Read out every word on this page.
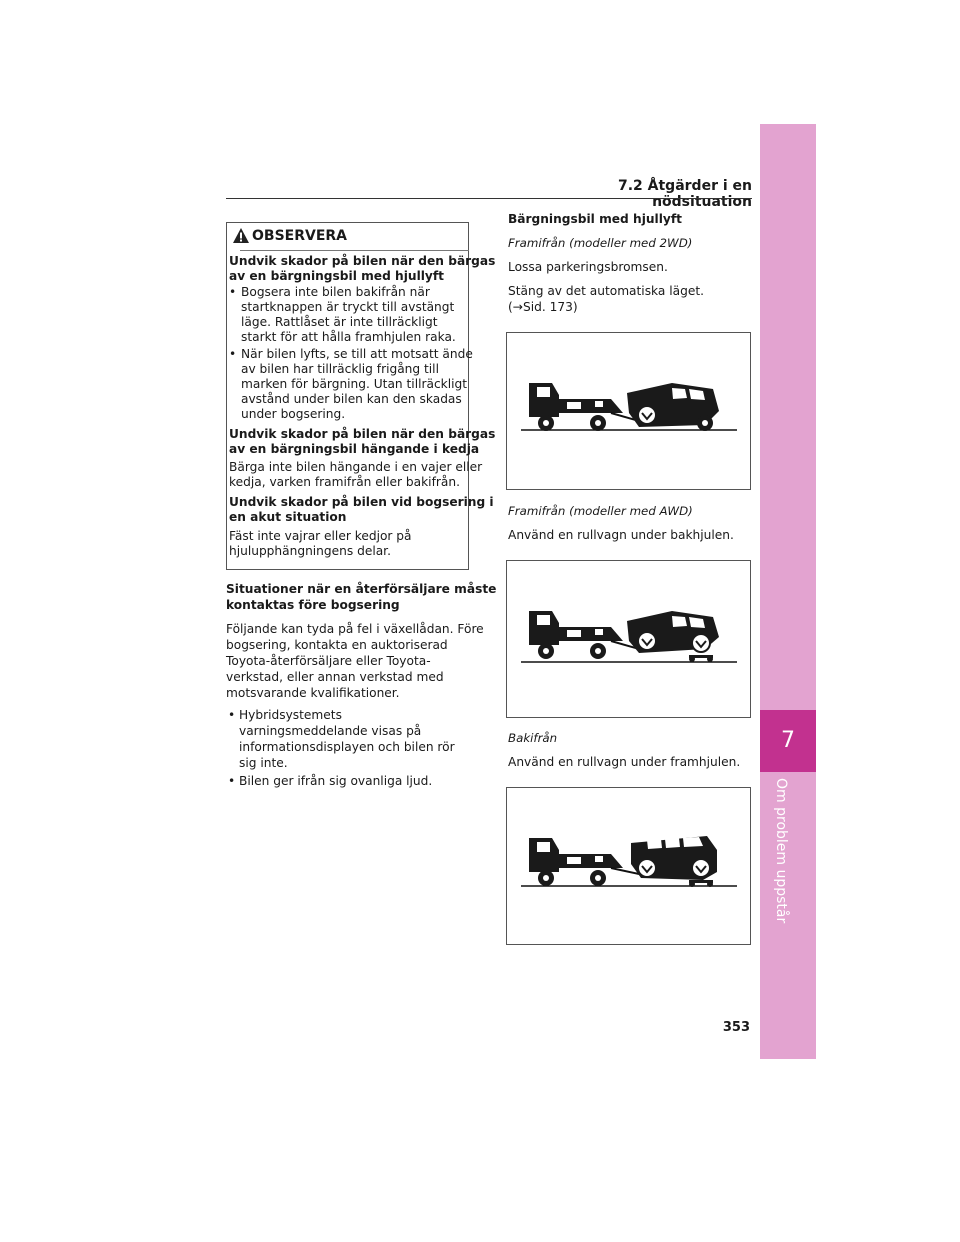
7.2 Åtgärder i en nödsituation
7
Om problem uppstår
353
OBSERVERA
Undvik skador på bilen när den bärgas
av en bärgningsbil med hjullyft
• Bogsera inte bilen bakifrån när
startknappen är tryckt till avstängt
läge. Rattlåset är inte tillräckligt
starkt för att hålla framhjulen raka.
• När bilen lyfts, se till att motsatt ände
av bilen har tillräcklig frigång till
marken för bärgning. Utan tillräckligt
avstånd under bilen kan den skadas
under bogsering.
Undvik skador på bilen när den bärgas
av en bärgningsbil hängande i kedja
Bärga inte bilen hängande i en vajer eller
kedja, varken framifrån eller bakifrån.
Undvik skador på bilen vid bogsering i
en akut situation
Fäst inte vajrar eller kedjor på
hjulupphängningens delar.
Situationer när en återförsäljare måste
kontaktas före bogsering
Följande kan tyda på fel i växellådan. Före
bogsering, kontakta en auktoriserad
Toyota-återförsäljare eller Toyota-
verkstad, eller annan verkstad med
motsvarande kvalifikationer.
• Hybridsystemets
varningsmeddelande visas på
informationsdisplayen och bilen rör
sig inte.
• Bilen ger ifrån sig ovanliga ljud.
Bärgningsbil med hjullyft
Framifrån (modeller med 2WD)
Lossa parkeringsbromsen.
Stäng av det automatiska läget.
(→Sid. 173)
Framifrån (modeller med AWD)
Använd en rullvagn under bakhjulen.
Bakifrån
Använd en rullvagn under framhjulen.
